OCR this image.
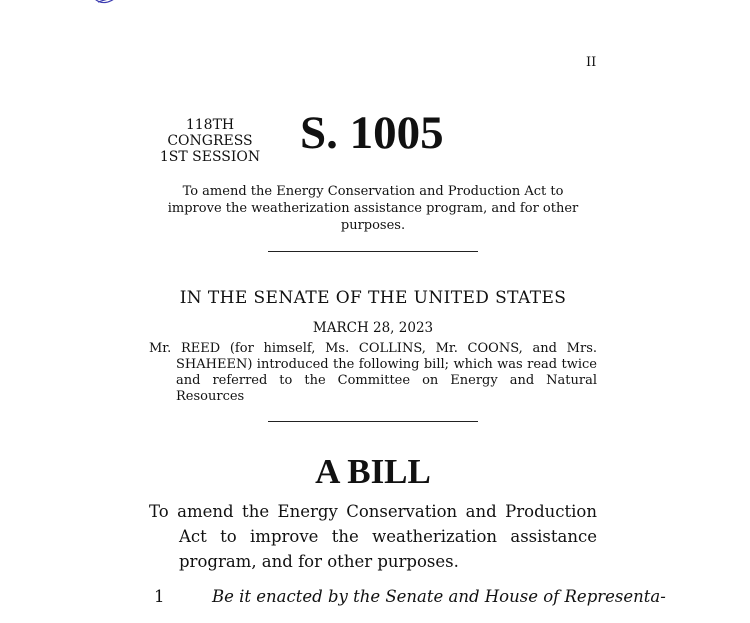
II
118TH CONGRESS
1ST SESSION S. 1005
To amend the Energy Conservation and Production Act to improve the weatherization assistance program, and for other purposes.
IN THE SENATE OF THE UNITED STATES
MARCH 28, 2023
Mr. REED (for himself, Ms. COLLINS, Mr. COONS, and Mrs. SHAHEEN) introduced the following bill; which was read twice and referred to the Committee on Energy and Natural Resources
A BILL
To amend the Energy Conservation and Production Act to improve the weatherization assistance program, and for other purposes.
1	Be it enacted by the Senate and House of Representa-
